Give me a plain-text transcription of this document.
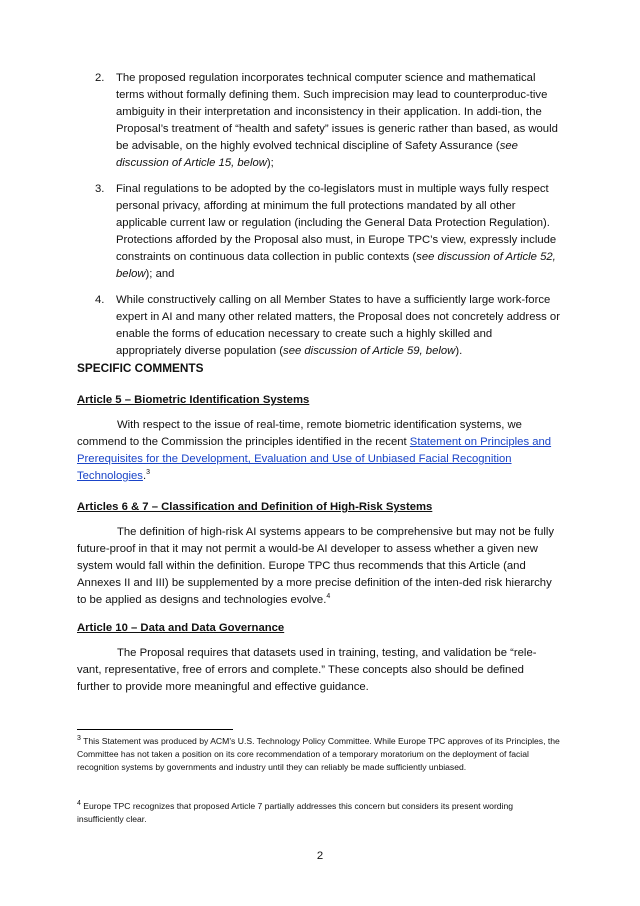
2. The proposed regulation incorporates technical computer science and mathematical terms without formally defining them. Such imprecision may lead to counterproduc-tive ambiguity in their interpretation and inconsistency in their application. In addi-tion, the Proposal’s treatment of “health and safety” issues is generic rather than based, as would be advisable, on the highly evolved technical discipline of Safety Assurance (see discussion of Article 15, below);
3. Final regulations to be adopted by the co-legislators must in multiple ways fully respect personal privacy, affording at minimum the full protections mandated by all other applicable current law or regulation (including the General Data Protection Regulation). Protections afforded by the Proposal also must, in Europe TPC’s view, expressly include constraints on continuous data collection in public contexts (see discussion of Article 52, below); and
4. While constructively calling on all Member States to have a sufficiently large work-force expert in AI and many other related matters, the Proposal does not concretely address or enable the forms of education necessary to create such a highly skilled and appropriately diverse population (see discussion of Article 59, below).
SPECIFIC COMMENTS
Article 5 – Biometric Identification Systems

With respect to the issue of real-time, remote biometric identification systems, we commend to the Commission the principles identified in the recent Statement on Principles and Prerequisites for the Development, Evaluation and Use of Unbiased Facial Recognition Technologies.$^3$

Articles 6 & 7 – Classification and Definition of High-Risk Systems

The definition of high-risk AI systems appears to be comprehensive but may not be fully future-proof in that it may not permit a would-be AI developer to assess whether a given new system would fall within the definition. Europe TPC thus recommends that this Article (and Annexes II and III) be supplemented by a more precise definition of the inten-ded risk hierarchy to be applied as designs and technologies evolve.$^4$

Article 10 – Data and Data Governance

The Proposal requires that datasets used in training, testing, and validation be “rele-vant, representative, free of errors and complete.” These concepts also should be defined further to provide more meaningful and effective guidance.

$^3$ This Statement was produced by ACM’s U.S. Technology Policy Committee. While Europe TPC approves of its Principles, the Committee has not taken a position on its core recommendation of a temporary moratorium on the deployment of facial recognition systems by governments and industry until they can reliably be made sufficiently unbiased.
$^4$ Europe TPC recognizes that proposed Article 7 partially addresses this concern but considers its present wording insufficiently clear.
2
